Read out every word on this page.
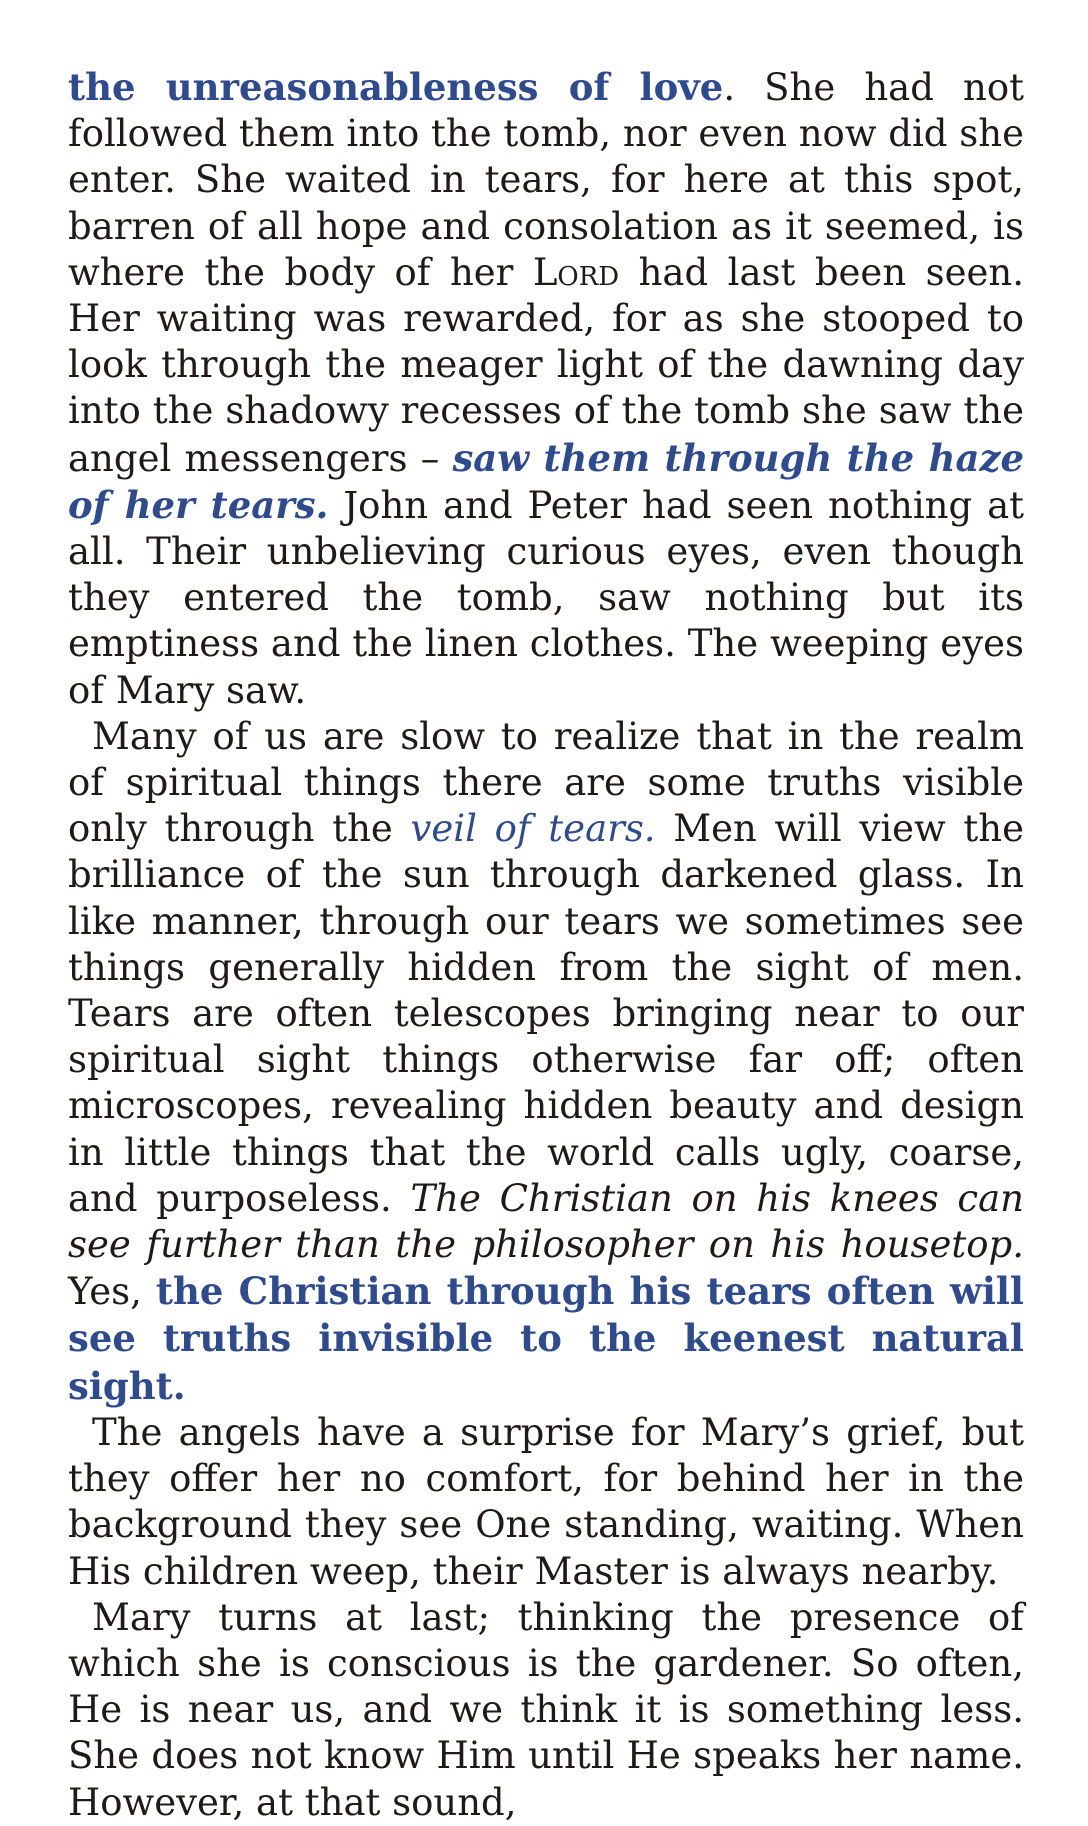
the unreasonableness of love. She had not followed them into the tomb, nor even now did she enter. She waited in tears, for here at this spot, barren of all hope and consolation as it seemed, is where the body of her Lord had last been seen. Her waiting was rewarded, for as she stooped to look through the meager light of the dawning day into the shadowy recesses of the tomb she saw the angel messengers – saw them through the haze of her tears. John and Peter had seen nothing at all. Their unbelieving curious eyes, even though they entered the tomb, saw nothing but its emptiness and the linen clothes. The weeping eyes of Mary saw.

Many of us are slow to realize that in the realm of spiritual things there are some truths visible only through the veil of tears. Men will view the brilliance of the sun through darkened glass. In like manner, through our tears we sometimes see things generally hidden from the sight of men. Tears are often telescopes bringing near to our spiritual sight things otherwise far off; often microscopes, revealing hidden beauty and design in little things that the world calls ugly, coarse, and purposeless. The Christian on his knees can see further than the philosopher on his housetop. Yes, the Christian through his tears often will see truths invisible to the keenest natural sight.

The angels have a surprise for Mary’s grief, but they offer her no comfort, for behind her in the background they see One standing, waiting. When His children weep, their Master is always nearby.

Mary turns at last; thinking the presence of which she is conscious is the gardener. So often, He is near us, and we think it is something less. She does not know Him until He speaks her name. However, at that sound,
